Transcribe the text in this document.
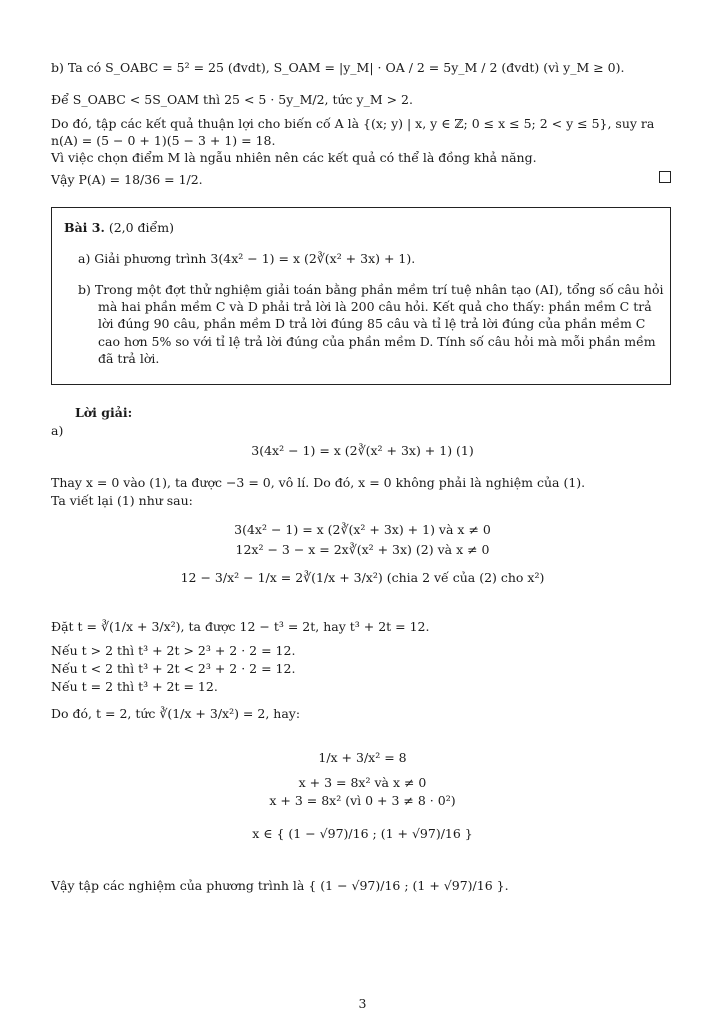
b) Ta có S_OABC = 5² = 25 (đvdt), S_OAM = |y_M| · OA / 2 = 5y_M / 2 (đvdt) (vì y_M ≥ 0).
Để S_OABC < 5S_OAM thì 25 < 5 · 5y_M/2, tức y_M > 2.
Do đó, tập các kết quả thuận lợi cho biến cố A là {(x; y) | x, y ∈ ℤ; 0 ≤ x ≤ 5; 2 < y ≤ 5}, suy ra
n(A) = (5 − 0 + 1)(5 − 3 + 1) = 18.
Vì việc chọn điểm M là ngẫu nhiên nên các kết quả có thể là đồng khả năng.
Vậy P(A) = 18/36 = 1/2.
Bài 3. (2,0 điểm)
a) Giải phương trình 3(4x² − 1) = x (2∛(x² + 3x) + 1).
b) Trong một đợt thử nghiệm giải toán bằng phần mềm trí tuệ nhân tạo (AI), tổng số câu hỏi
mà hai phần mềm C và D phải trả lời là 200 câu hỏi. Kết quả cho thấy: phần mềm C trả
lời đúng 90 câu, phần mềm D trả lời đúng 85 câu và tỉ lệ trả lời đúng của phần mềm C
cao hơn 5% so với tỉ lệ trả lời đúng của phần mềm D. Tính số câu hỏi mà mỗi phần mềm
đã trả lời.
Lời giải:
a)
3(4x² − 1) = x (2∛(x² + 3x) + 1) (1)
Thay x = 0 vào (1), ta được −3 = 0, vô lí. Do đó, x = 0 không phải là nghiệm của (1).
Ta viết lại (1) như sau:
3(4x² − 1) = x (2∛(x² + 3x) + 1) và x ≠ 0
12x² − 3 − x = 2x∛(x² + 3x) (2) và x ≠ 0
12 − 3/x² − 1/x = 2∛(1/x + 3/x²) (chia 2 vế của (2) cho x²)
Đặt t = ∛(1/x + 3/x²), ta được 12 − t³ = 2t, hay t³ + 2t = 12.
Nếu t > 2 thì t³ + 2t > 2³ + 2 · 2 = 12.
Nếu t < 2 thì t³ + 2t < 2³ + 2 · 2 = 12.
Nếu t = 2 thì t³ + 2t = 12.
Do đó, t = 2, tức ∛(1/x + 3/x²) = 2, hay:
1/x + 3/x² = 8
x + 3 = 8x² và x ≠ 0
x + 3 = 8x² (vì 0 + 3 ≠ 8 · 0²)
x ∈ { (1 − √97)/16 ; (1 + √97)/16 }
Vậy tập các nghiệm của phương trình là { (1 − √97)/16 ; (1 + √97)/16 }.
3
